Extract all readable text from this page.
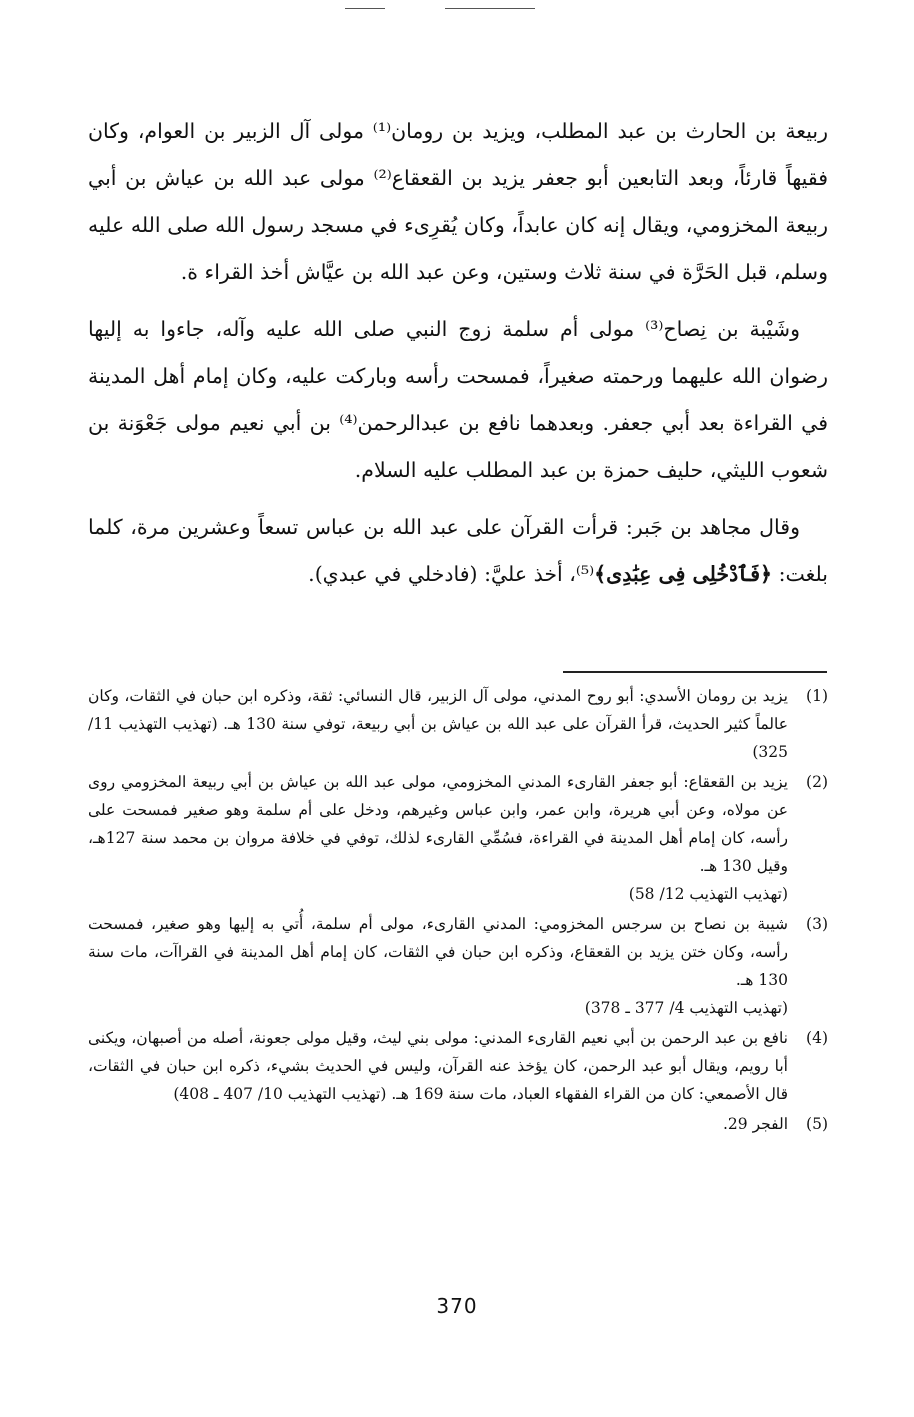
ربيعة بن الحارث بن عبد المطلب، ويزيد بن رومان⁽¹⁾ مولى آل الزبير بن العوام، وكان فقيهاً قارئاً، وبعد التابعين أبو جعفر يزيد بن القعقاع⁽²⁾ مولى عبد الله بن عياش بن أبي ربيعة المخزومي، ويقال إنه كان عابداً، وكان يُقرِىء في مسجد رسول الله صلى الله عليه وسلم، قبل الحَرَّة في سنة ثلاث وستين، وعن عبد الله بن عيَّاش أخذ القراء ة.

وشَيْبة بن نِصاح⁽³⁾ مولى أم سلمة زوج النبي صلى الله عليه وآله، جاءوا به إليها رضوان الله عليهما ورحمته صغيراً، فمسحت رأسه وباركت عليه، وكان إمام أهل المدينة في القراءة بعد أبي جعفر. وبعدهما نافع بن عبدالرحمن⁽⁴⁾ بن أبي نعيم مولى جَعْوَنة بن شعوب الليثي، حليف حمزة بن عبد المطلب عليه السلام.

وقال مجاهد بن جَبر: قرأت القرآن على عبد الله بن عباس تسعاً وعشرين مرة، كلما بلغت: ﴿فَٱدْخُلِى فِى عِبَٰدِى﴾⁽⁵⁾، أخذ عليَّ: (فادخلي في عبدي).

(1)
يزيد بن رومان الأسدي: أبو روح المدني، مولى آل الزبير، قال النسائي: ثقة، وذكره ابن حبان في الثقات، وكان عالماً كثير الحديث، قرأ القرآن على عبد الله بن عياش بن أبي ربيعة، توفي سنة 130 هـ. (تهذيب التهذيب 11/ 325)
(2)
يزيد بن القعقاع: أبو جعفر القارىء المدني المخزومي، مولى عبد الله بن عياش بن أبي ربيعة المخزومي روى عن مولاه، وعن أبي هريرة، وابن عمر، وابن عباس وغيرهم، ودخل على أم سلمة وهو صغير فمسحت على رأسه، كان إمام أهل المدينة في القراءة، فسُمِّي القارىء لذلك، توفي في خلافة مروان بن محمد سنة 127هـ، وقيل 130 هـ.
(تهذيب التهذيب 12/ 58)
(3)
شيبة بن نصاح بن سرجس المخزومي: المدني القارىء، مولى أم سلمة، أُتي به إليها وهو صغير، فمسحت رأسه، وكان ختن يزيد بن القعقاع، وذكره ابن حبان في الثقات، كان إمام أهل المدينة في القراآت، مات سنة 130 هـ.
(تهذيب التهذيب 4/ 377 ـ 378)
(4)
نافع بن عبد الرحمن بن أبي نعيم القارىء المدني: مولى بني ليث، وقيل مولى جعونة، أصله من أصبهان، ويكنى أبا رويم، ويقال أبو عبد الرحمن، كان يؤخذ عنه القرآن، وليس في الحديث بشيء، ذكره ابن حبان في الثقات، قال الأصمعي: كان من القراء الفقهاء العباد، مات سنة 169 هـ. (تهذيب التهذيب 10/ 407 ـ 408)
(5)
الفجر 29.
370
